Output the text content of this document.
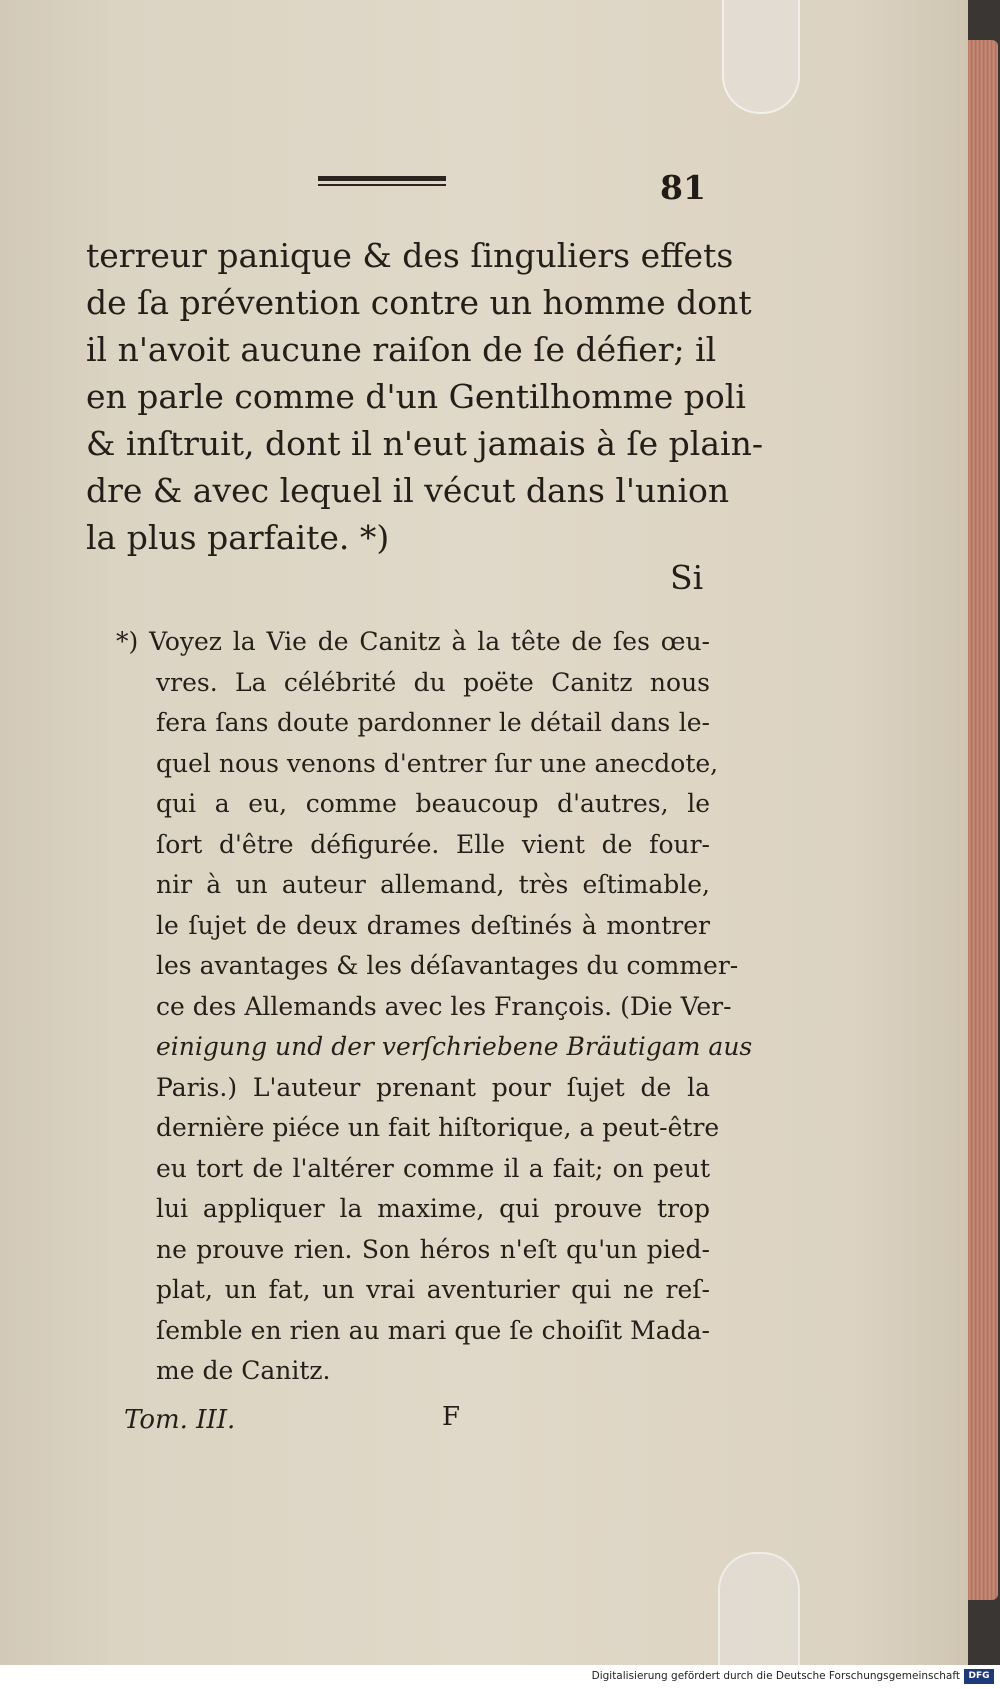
81
terreur panique & des ſinguliers effets
de ſa prévention contre un homme dont
il n'avoit aucune raiſon de ſe défier; il
en parle comme d'un Gentilhomme poli
& inſtruit, dont il n'eut jamais à ſe plain-
dre & avec lequel il vécut dans l'union
la plus parfaite. *)
Si
*) Voyez la Vie de Canitz à la tête de ſes œu-
vres. La célébrité du poëte Canitz nous
fera ſans doute pardonner le détail dans le-
quel nous venons d'entrer ſur une anecdote,
qui a eu, comme beaucoup d'autres, le
ſort d'être défigurée. Elle vient de four-
nir à un auteur allemand, très eſtimable,
le ſujet de deux drames deſtinés à montrer
les avantages & les déſavantages du commer-
ce des Allemands avec les François. (Die Ver-
einigung und der verſchriebene Bräutigam aus
Paris.) L'auteur prenant pour ſujet de la
dernière piéce un fait hiſtorique, a peut-être
eu tort de l'altérer comme il a fait; on peut
lui appliquer la maxime, qui prouve trop
ne prouve rien. Son héros n'eſt qu'un pied-
plat, un fat, un vrai aventurier qui ne reſ-
ſemble en rien au mari que ſe choiſit Mada-
me de Canitz.
Tom. III.	F
Digitalisierung gefördert durch die Deutsche Forschungsgemeinschaft DFG
